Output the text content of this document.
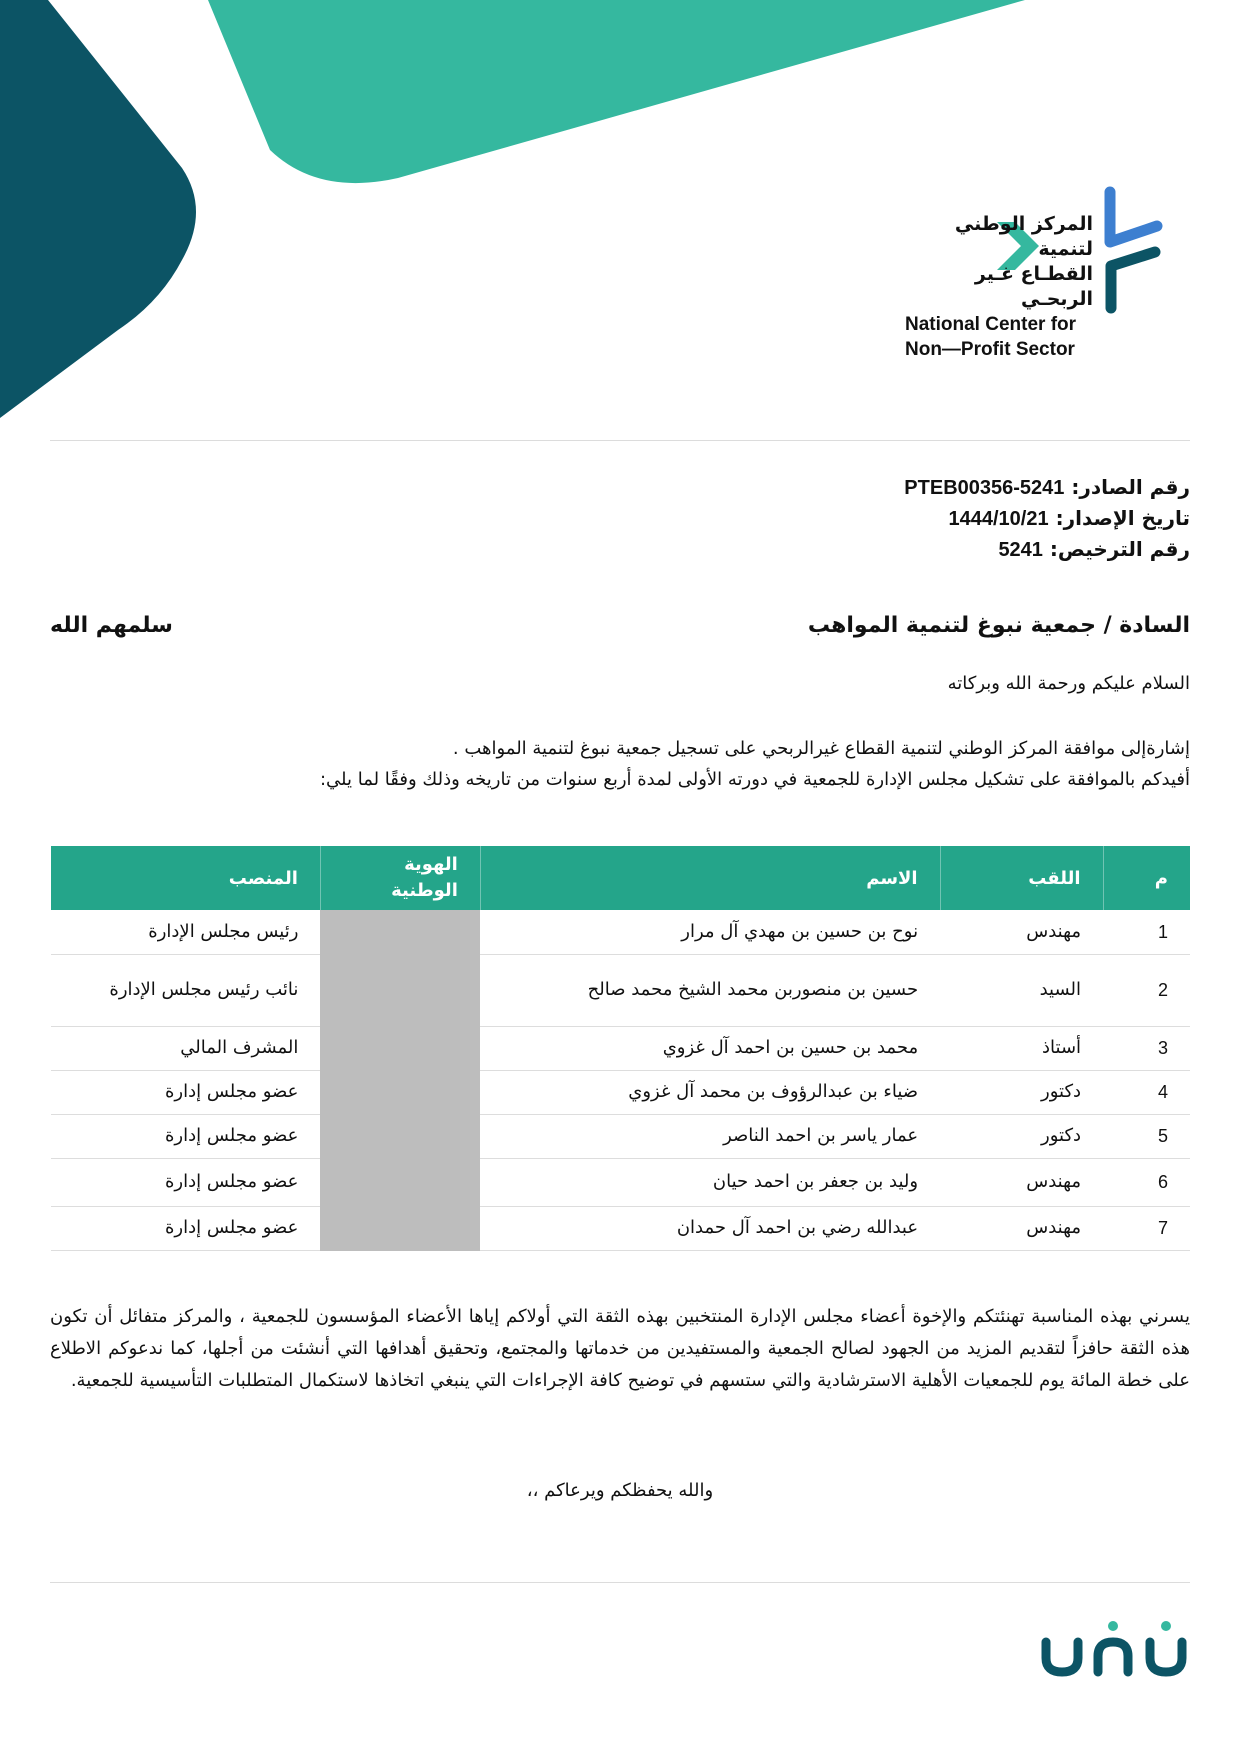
المركز الوطني لتنمية
القطـاع غـير الربحـي
National Center for
Non—Profit Sector
رقم الصادر: PTEB00356-5241
تاريخ الإصدار: 1444/10/21
رقم الترخيص: 5241
السادة / جمعية نبوغ لتنمية المواهب
سلمهم الله
السلام عليكم ورحمة الله وبركاته
إشارةإلى موافقة المركز الوطني لتنمية القطاع غيرالربحي على تسجيل جمعية نبوغ لتنمية المواهب .
أفيدكم بالموافقة على تشكيل مجلس الإدارة للجمعية في دورته الأولى لمدة أربع سنوات من تاريخه وذلك وفقًا لما يلي:
م	اللقب	الاسم	الهوية الوطنية	المنصب
1	مهندس	نوح بن حسين بن مهدي آل مرار		رئيس مجلس الإدارة
2	السيد	حسين بن منصوربن محمد الشيخ محمد صالح		نائب رئيس مجلس الإدارة
3	أستاذ	محمد بن حسين بن احمد آل غزوي		المشرف المالي
4	دكتور	ضياء بن عبدالرؤوف بن محمد آل غزوي		عضو مجلس إدارة
5	دكتور	عمار ياسر بن احمد الناصر		عضو مجلس إدارة
6	مهندس	وليد بن جعفر بن احمد حيان		عضو مجلس إدارة
7	مهندس	عبدالله رضي بن احمد آل حمدان		عضو مجلس إدارة
يسرني بهذه المناسبة تهنئتكم والإخوة أعضاء مجلس الإدارة المنتخبين بهذه الثقة التي أولاكم إياها الأعضاء المؤسسون للجمعية ، والمركز متفائل أن تكون هذه الثقة حافزاً لتقديم المزيد من الجهود لصالح الجمعية والمستفيدين من خدماتها والمجتمع، وتحقيق أهدافها التي أنشئت من أجلها، كما ندعوكم الاطلاع على خطة المائة يوم للجمعيات الأهلية الاسترشادية والتي ستسهم في توضيح كافة الإجراءات التي ينبغي اتخاذها لاستكمال المتطلبات التأسيسية للجمعية.
والله يحفظكم ويرعاكم ،،
